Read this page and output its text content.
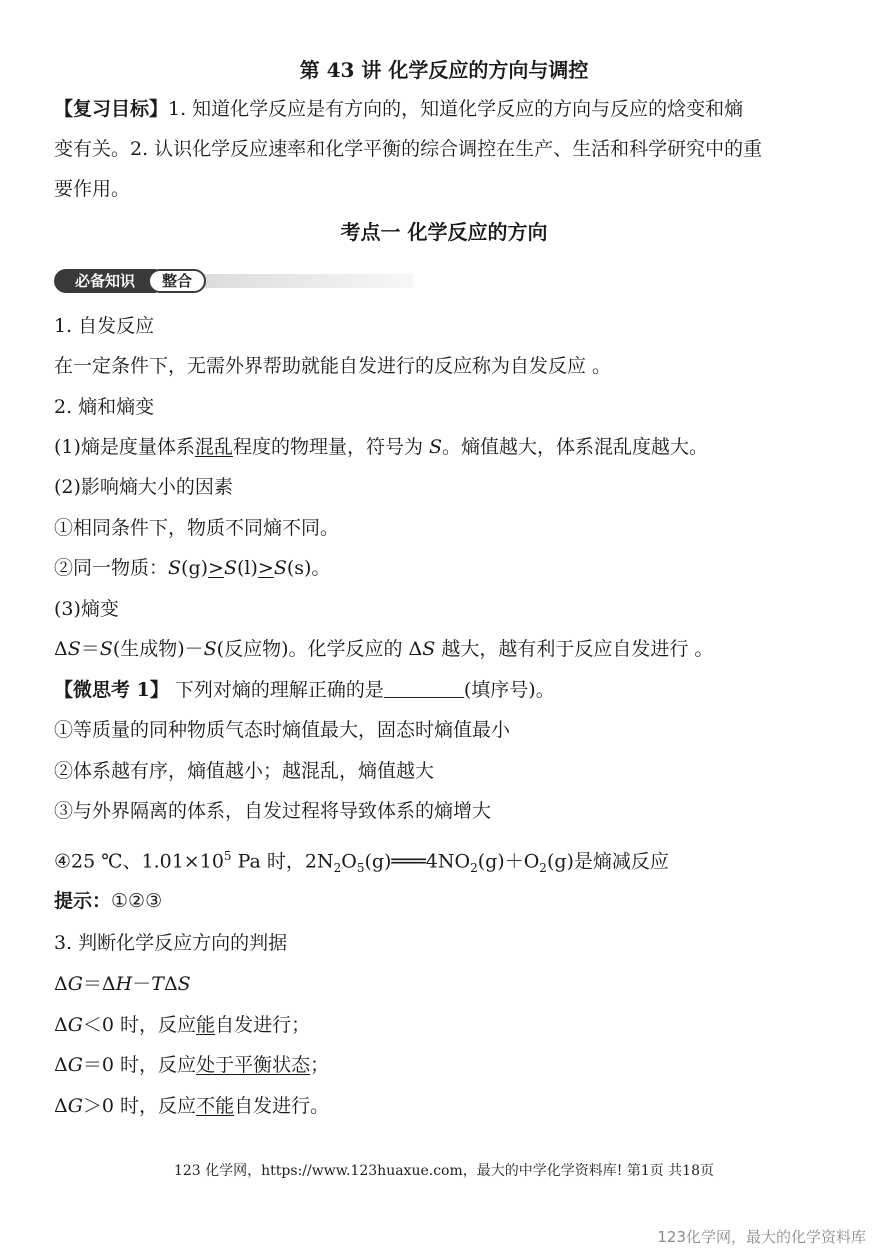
第 43 讲 化学反应的方向与调控
【复习目标】1. 知道化学反应是有方向的，知道化学反应的方向与反应的焓变和熵
变有关。2. 认识化学反应速率和化学平衡的综合调控在生产、生活和科学研究中的重
要作用。
考点一 化学反应的方向
必备知识	整合
1. 自发反应
在一定条件下，无需外界帮助就能自发进行的反应称为自发反应 。
2. 熵和熵变
(1)熵是度量体系混乱程度的物理量，符号为 S。熵值越大，体系混乱度越大。
(2)影响熵大小的因素
①相同条件下，物质不同熵不同。
②同一物质：S(g)>S(l)>S(s)。
(3)熵变
ΔS＝S(生成物)－S(反应物)。化学反应的 ΔS 越大，越有利于反应自发进行 。
【微思考 1】 下列对熵的理解正确的是	(填序号)。
①等质量的同种物质气态时熵值最大，固态时熵值最小
②体系越有序，熵值越小；越混乱，熵值越大
③与外界隔离的体系，自发过程将导致体系的熵增大
④25 ℃、$1.01\times 10^5$ Pa 时，$2N_2O_5(g)═══4NO_2(g)+O_2(g)$是熵减反应
提示：①②③
3. 判断化学反应方向的判据
ΔG＝ΔH－TΔS
ΔG＜0 时，反应能自发进行；
ΔG＝0 时，反应处于平衡状态；
ΔG＞0 时，反应不能自发进行。
123 化学网，https://www.123huaxue.com，最大的中学化学资料库! 第1页 共18页
123化学网，最大的化学资料库
